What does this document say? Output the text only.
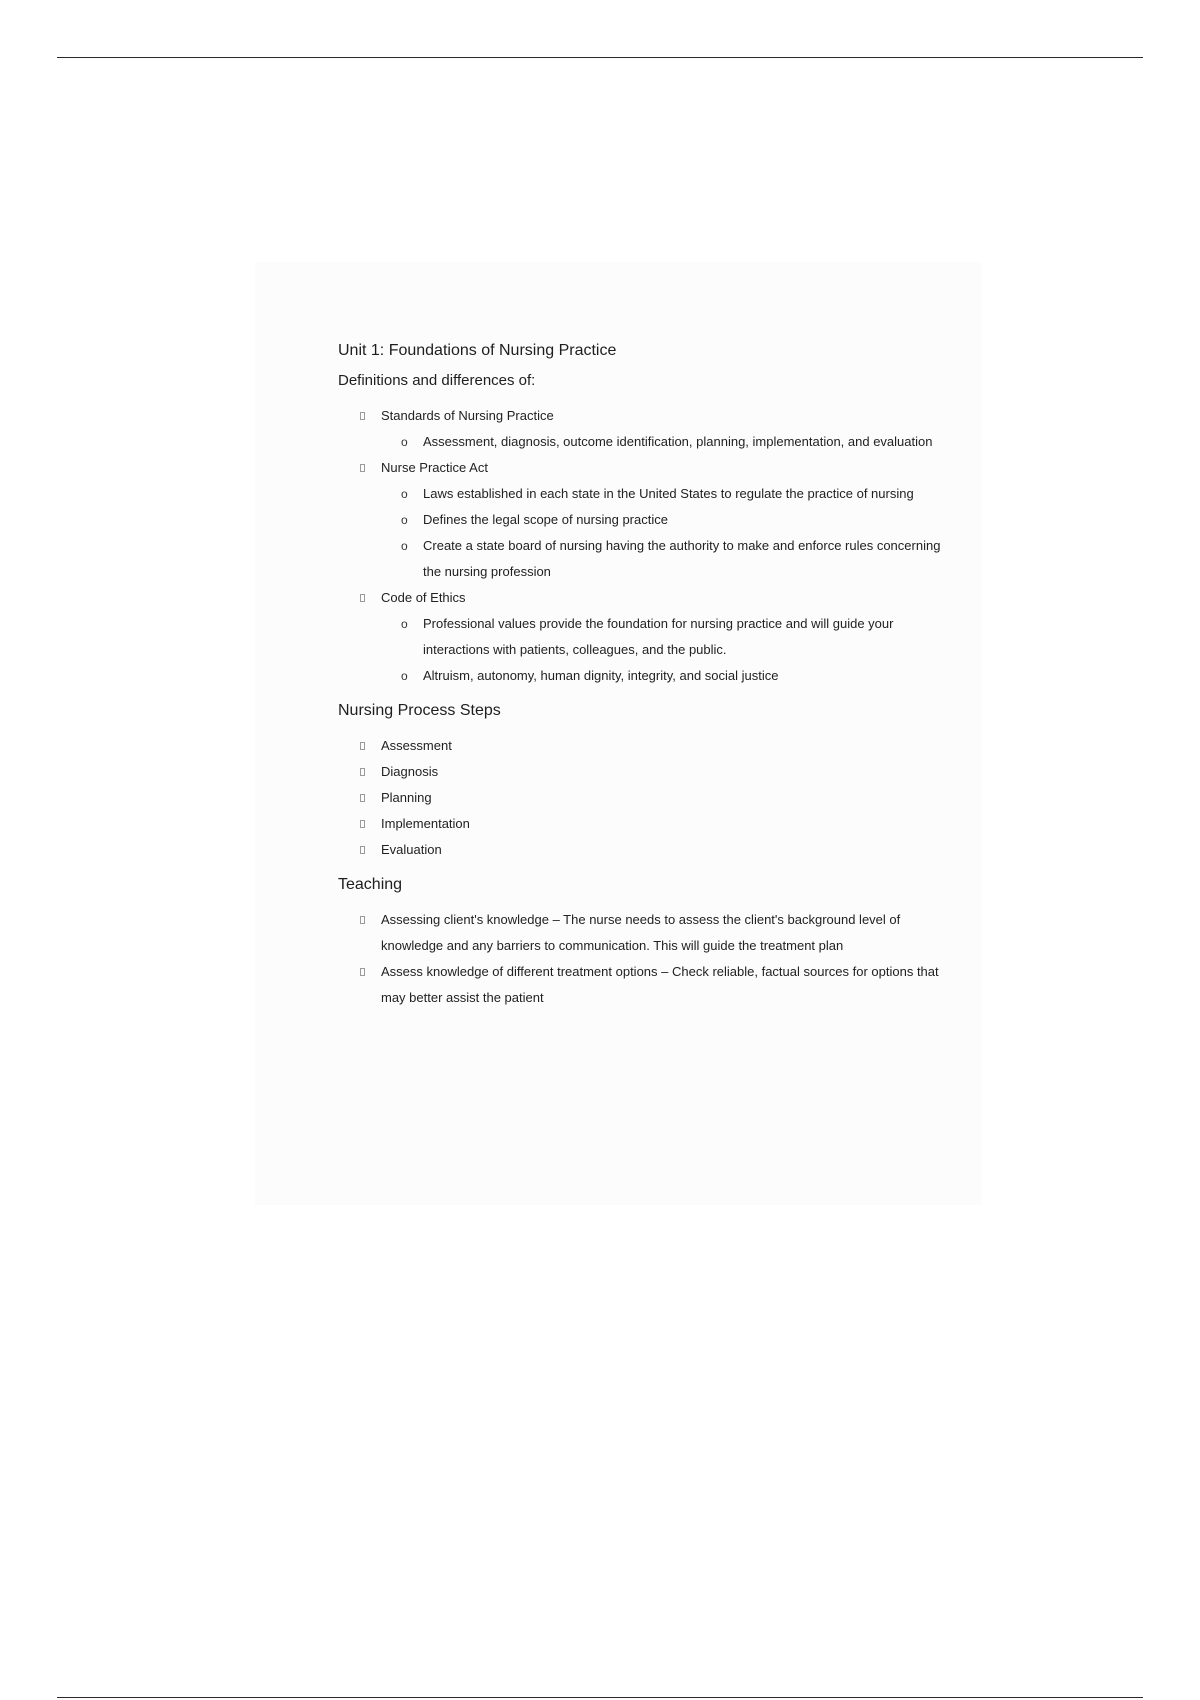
Unit 1: Foundations of Nursing Practice
Definitions and differences of:
Standards of Nursing Practice
o Assessment, diagnosis, outcome identification, planning, implementation, and evaluation
Nurse Practice Act
o Laws established in each state in the United States to regulate the practice of nursing
o Defines the legal scope of nursing practice
o Create a state board of nursing having the authority to make and enforce rules concerning the nursing profession
Code of Ethics
o Professional values provide the foundation for nursing practice and will guide your interactions with patients, colleagues, and the public.
o Altruism, autonomy, human dignity, integrity, and social justice
Nursing Process Steps
Assessment
Diagnosis
Planning
Implementation
Evaluation
Teaching
Assessing client's knowledge – The nurse needs to assess the client's background level of knowledge and any barriers to communication. This will guide the treatment plan
Assess knowledge of different treatment options – Check reliable, factual sources for options that may better assist the patient
